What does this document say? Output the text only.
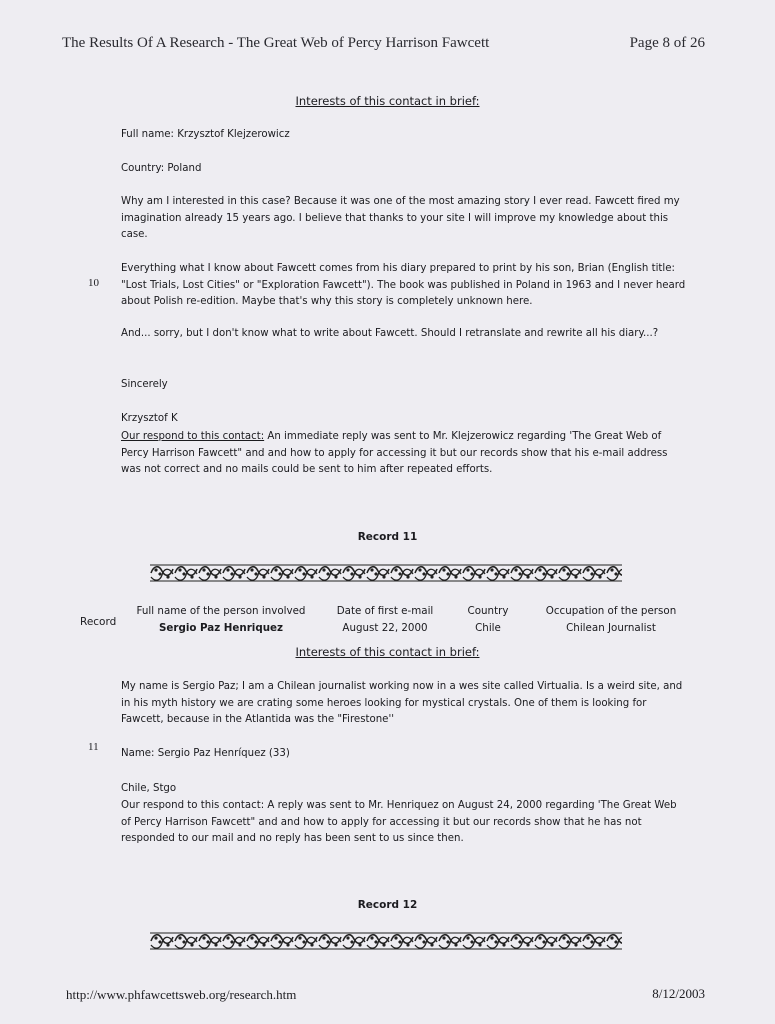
The Results Of A Research - The Great Web of Percy Harrison Fawcett	Page 8 of 26
Interests of this contact in brief:
Full name: Krzysztof Klejzerowicz
Country: Poland
Why am I interested in this case? Because it was one of the most amazing story I ever read. Fawcett fired my imagination already 15 years ago. I believe that thanks to your site I will improve my knowledge about this case.
10
Everything what I know about Fawcett comes from his diary prepared to print by his son, Brian (English title: "Lost Trials, Lost Cities" or "Exploration Fawcett"). The book was published in Poland in 1963 and I never heard about Polish re-edition. Maybe that's why this story is completely unknown here.
And... sorry, but I don't know what to write about Fawcett. Should I retranslate and rewrite all his diary...?
Sincerely
Krzysztof K
Our respond to this contact: An immediate reply was sent to Mr. Klejzerowicz regarding 'The Great Web of Percy Harrison Fawcett" and and how to apply for accessing it but our records show that his e-mail address was not correct and no mails could be sent to him after repeated efforts.
Record 11
Record
Full name of the person involved
Sergio Paz Henriquez
Date of first e-mail
August 22, 2000
Country
Chile
Occupation of the person
Chilean Journalist
Interests of this contact in brief:
My name is Sergio Paz; I am a Chilean journalist working now in a wes site called Virtualia. Is a weird site, and in his myth history we are crating some heroes looking for mystical crystals. One of them is looking for Fawcett, because in the Atlantida was the "Firestone''
11
Name: Sergio Paz Henríquez (33)
Chile, Stgo
Our respond to this contact: A reply was sent to Mr. Henriquez on August 24, 2000 regarding 'The Great Web of Percy Harrison Fawcett" and and how to apply for accessing it but our records show that he has not responded to our mail and no reply has been sent to us since then.
Record 12
http://www.phfawcettsweb.org/research.htm	8/12/2003
